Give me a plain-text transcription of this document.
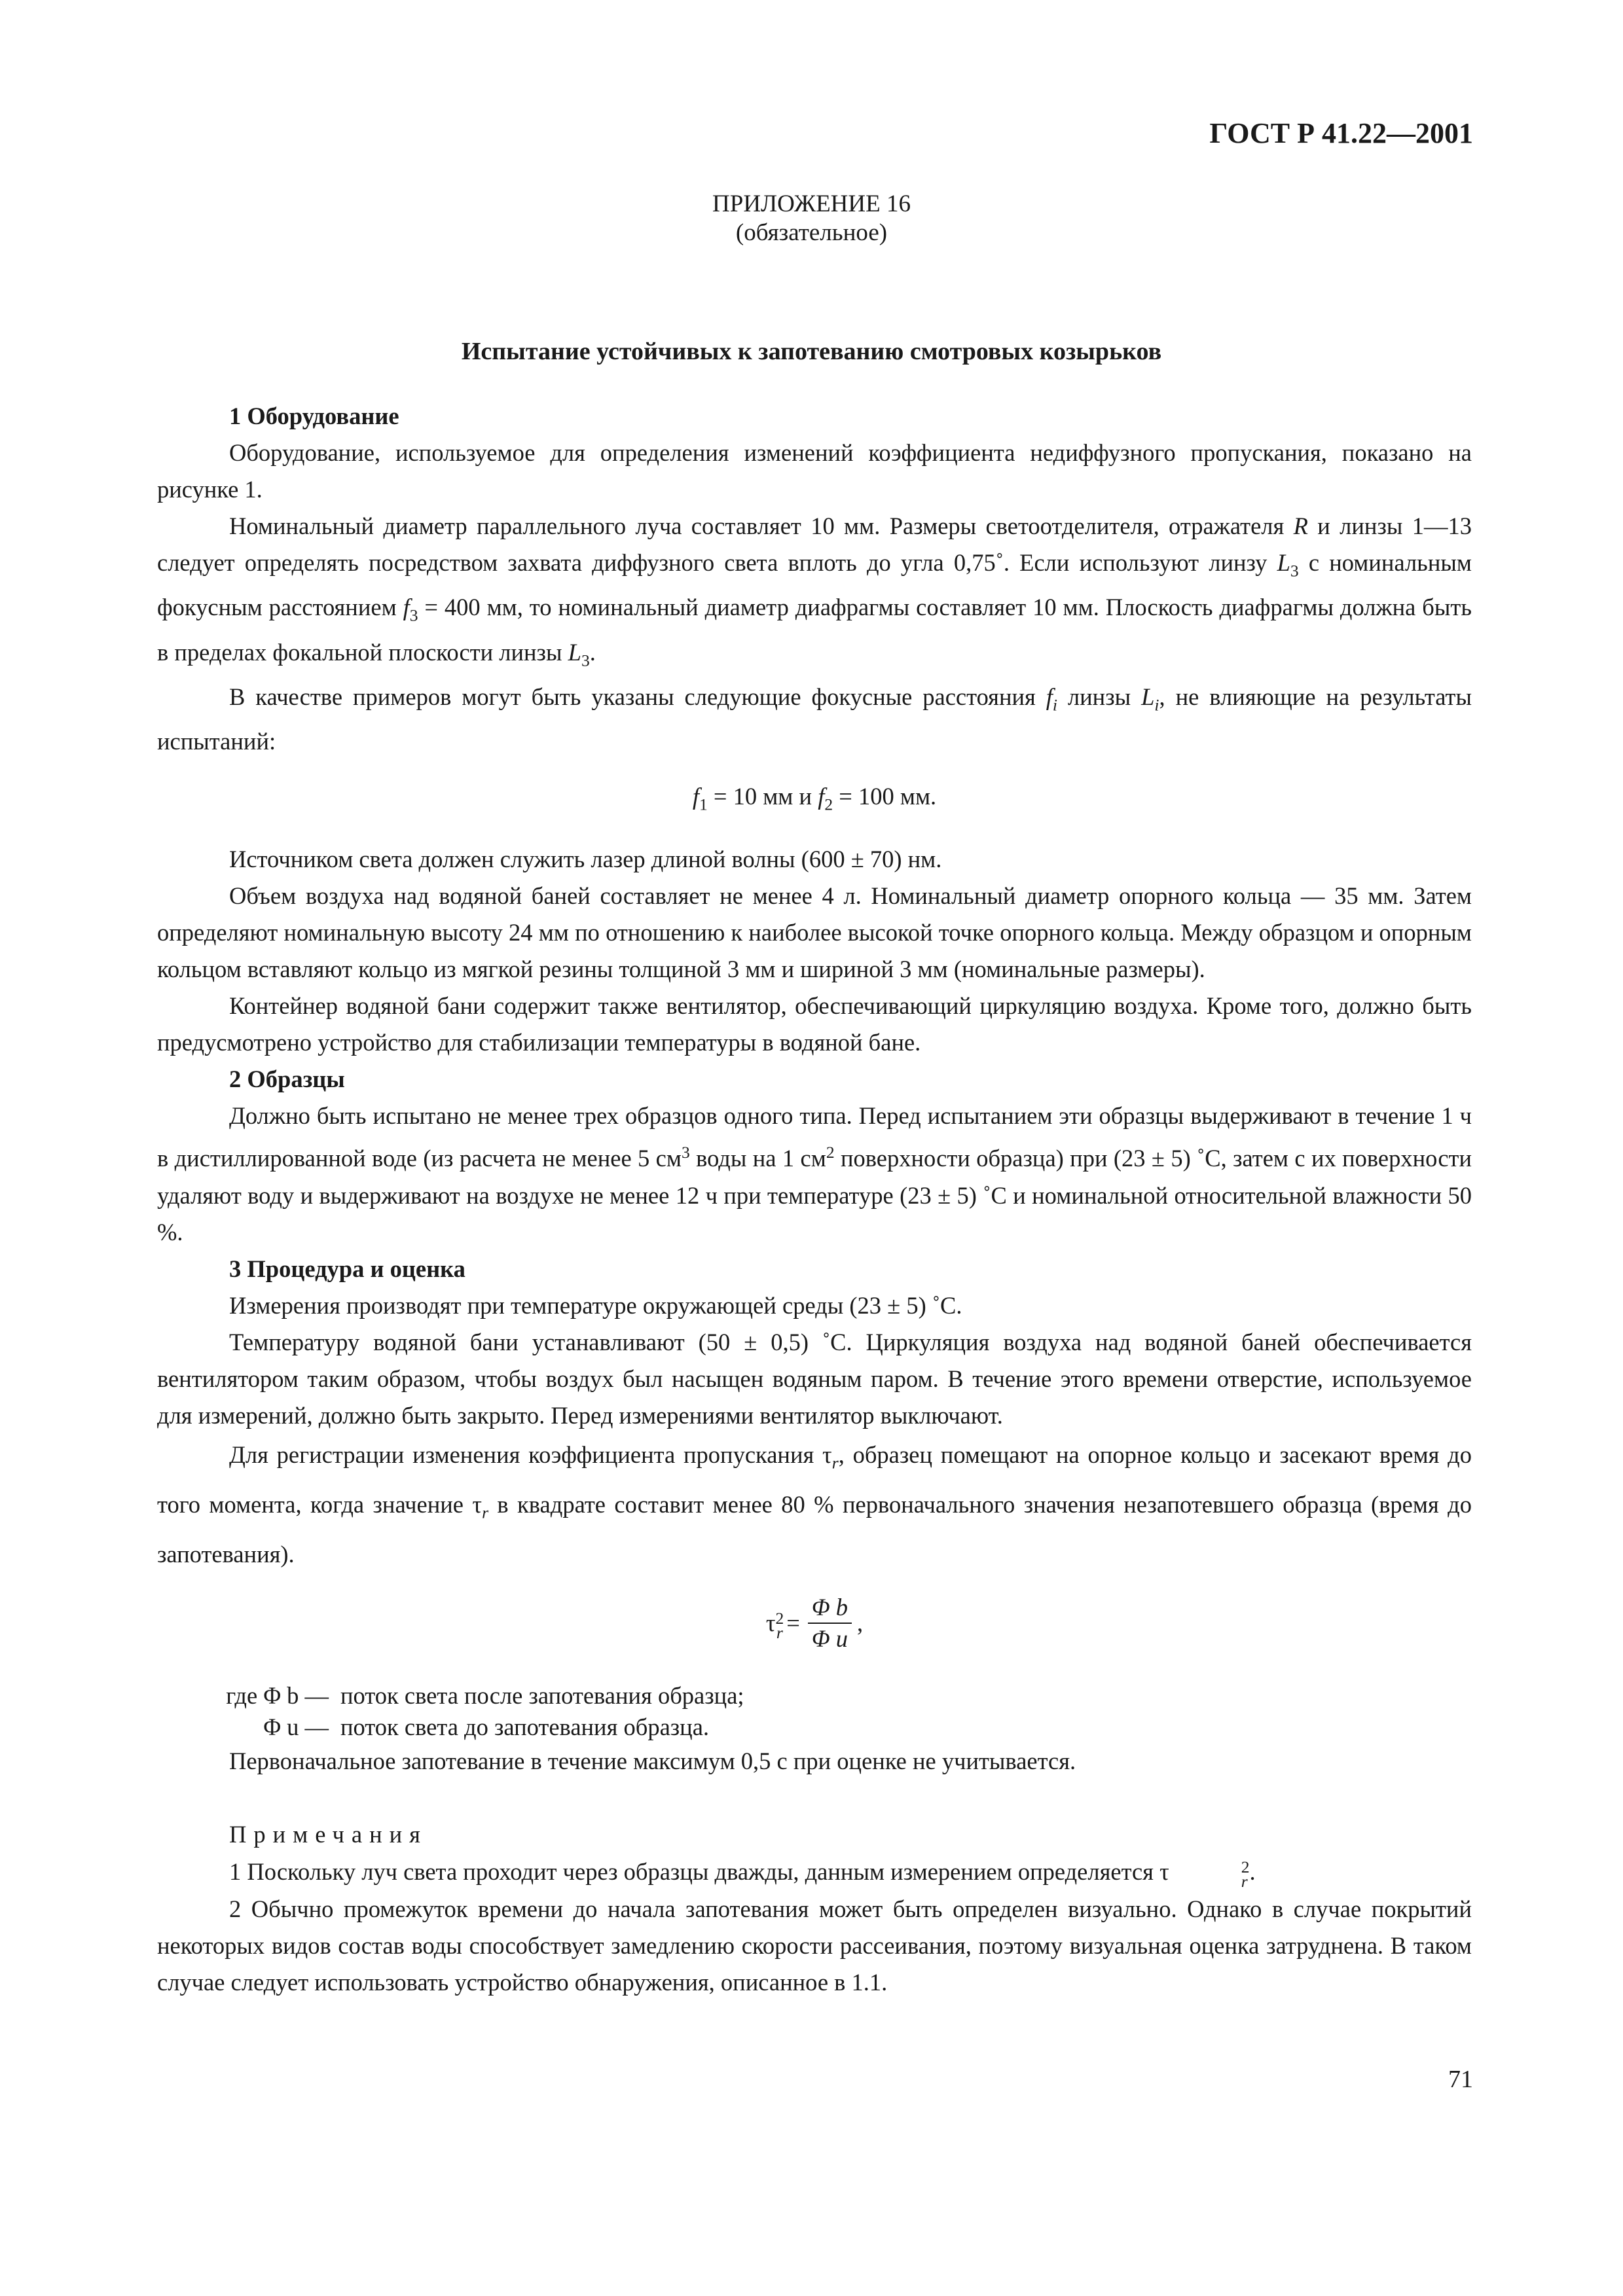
ГОСТ Р 41.22—2001
ПРИЛОЖЕНИЕ 16
(обязательное)
Испытание устойчивых к запотеванию смотровых козырьков
1 Оборудование

Оборудование, используемое для определения изменений коэффициента недиффузного пропускания, показано на рисунке 1.

Номинальный диаметр параллельного луча составляет 10 мм. Размеры светоотделителя, отражателя R и линзы 1—13 следует определять посредством захвата диффузного света вплоть до угла 0,75˚. Если используют линзу $L_3$ с номинальным фокусным расстоянием $f_3 = 400$ мм, то номинальный диаметр диафрагмы составляет 10 мм. Плоскость диафрагмы должна быть в пределах фокальной плоскости линзы $L_3$.

В качестве примеров могут быть указаны следующие фокусные расстояния $f_i$ линзы $L_i$, не влияющие на результаты испытаний:

$f_1 = 10$ мм и $f_2 = 100$ мм.

Источником света должен служить лазер длиной волны (600 ± 70) нм.

Объем воздуха над водяной баней составляет не менее 4 л. Номинальный диаметр опорного кольца — 35 мм. Затем определяют номинальную высоту 24 мм по отношению к наиболее высокой точке опорного кольца. Между образцом и опорным кольцом вставляют кольцо из мягкой резины толщиной 3 мм и шириной 3 мм (номинальные размеры).

Контейнер водяной бани содержит также вентилятор, обеспечивающий циркуляцию воздуха. Кроме того, должно быть предусмотрено устройство для стабилизации температуры в водяной бане.

2 Образцы

Должно быть испытано не менее трех образцов одного типа. Перед испытанием эти образцы выдерживают в течение 1 ч в дистиллированной воде (из расчета не менее 5 $см^3$ воды на 1 $см^2$ поверхности образца) при (23 ± 5) ˚С, затем с их поверхности удаляют воду и выдерживают на воздухе не менее 12 ч при температуре (23 ± 5) ˚С и номинальной относительной влажности 50 %.

3 Процедура и оценка

Измерения производят при температуре окружающей среды (23 ± 5) ˚С.

Температуру водяной бани устанавливают (50 ± 0,5) ˚С. Циркуляция воздуха над водяной баней обеспечивается вентилятором таким образом, чтобы воздух был насыщен водяным паром. В течение этого времени отверстие, используемое для измерений, должно быть закрыто. Перед измерениями вентилятор выключают.

Для регистрации изменения коэффициента пропускания $\tau_r$, образец помещают на опорное кольцо и засекают время до того момента, когда значение $\tau_r$ в квадрате составит менее 80 % первоначального значения незапотевшего образца (время до запотевания).

τ 2
$r = \frac{\text{Φ b}}{\text{Φ u}}$ ,
где Φ b — поток света после запотевания образца;
Φ u — поток света до запотевания образца.

Первоначальное запотевание в течение максимум 0,5 с при оценке не учитывается.

Примечания

1 Поскольку луч света проходит через образцы дважды, данным измерением определяется τ	2
r .

2 Обычно промежуток времени до начала запотевания может быть определен визуально. Однако в случае покрытий некоторых видов состав воды способствует замедлению скорости рассеивания, поэтому визуальная оценка затруднена. В таком случае следует использовать устройство обнаружения, описанное в 1.1.

71
